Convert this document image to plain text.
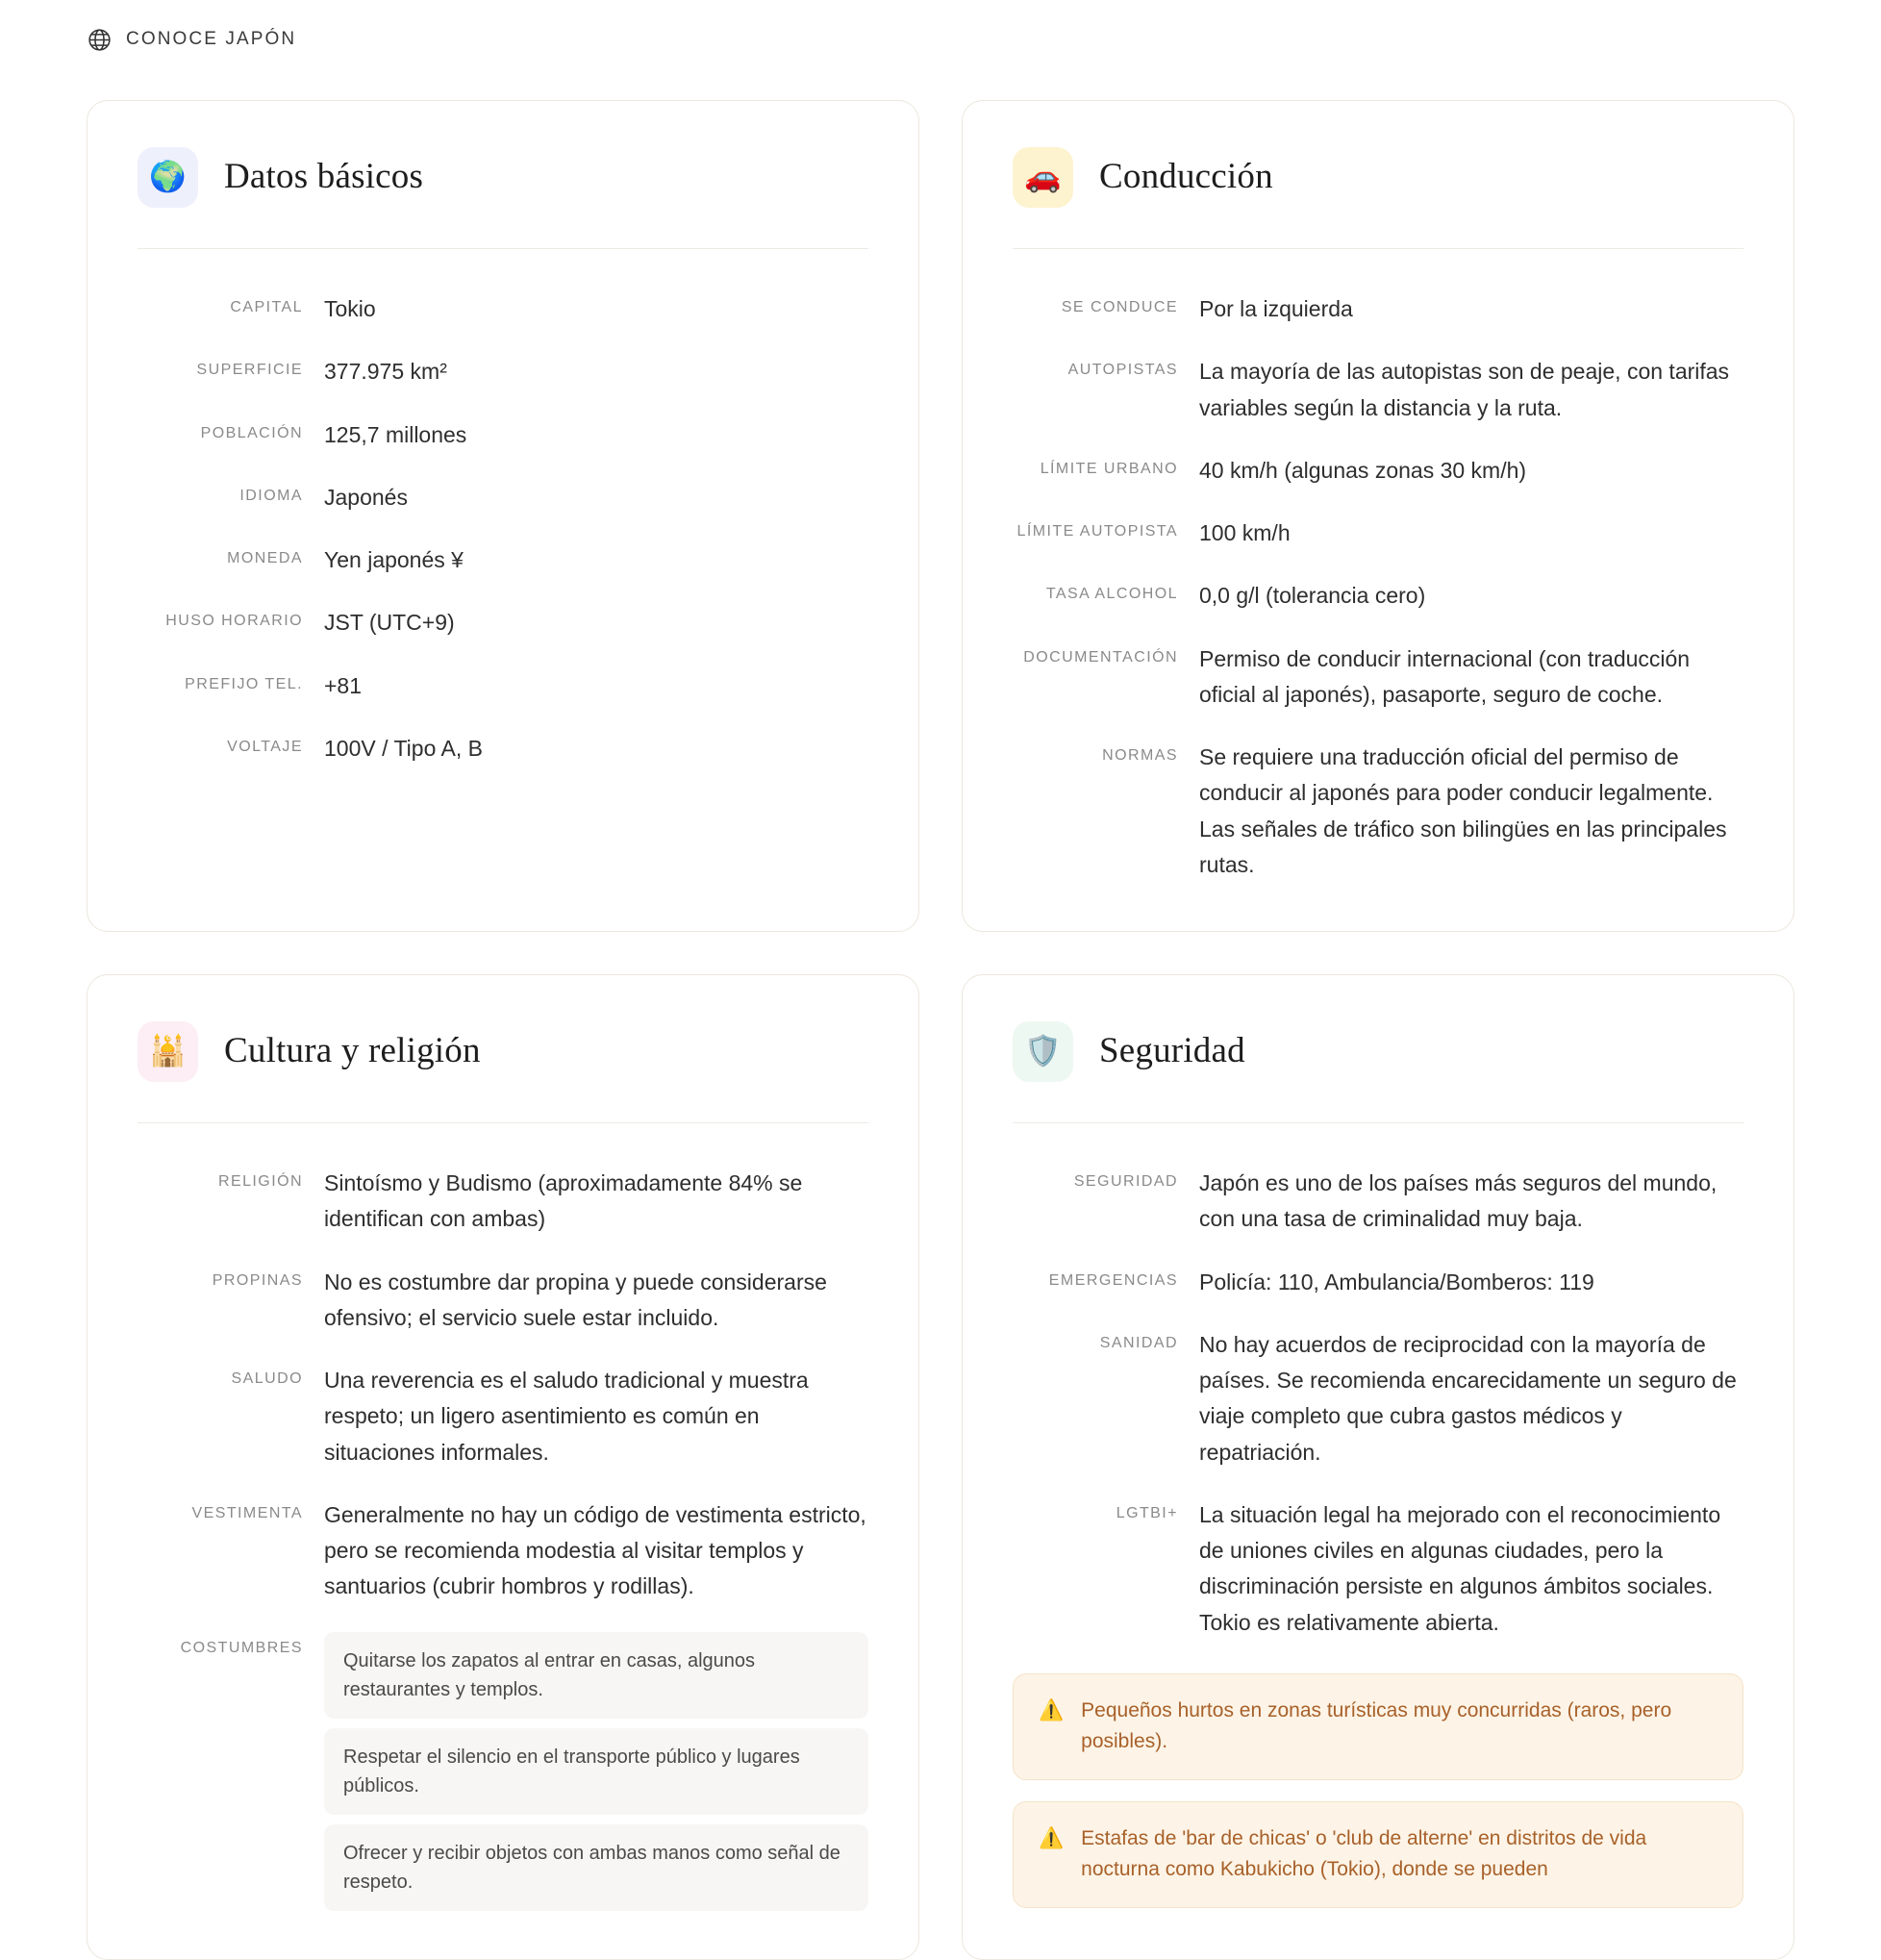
CONOCE JAPÓN
🌍	Datos básicos
CAPITAL Tokio
SUPERFICIE 377.975 km²
POBLACIÓN 125,7 millones
IDIOMA Japonés
MONEDA Yen japonés ¥
HUSO HORARIO JST (UTC+9)
PREFIJO TEL. +81
VOLTAJE 100V / Tipo A, B
🚗	Conducción
SE CONDUCE Por la izquierda
AUTOPISTAS La mayoría de las autopistas son de peaje, con tarifas variables según la distancia y la ruta.
LÍMITE URBANO 40 km/h (algunas zonas 30 km/h)
LÍMITE AUTOPISTA 100 km/h
TASA ALCOHOL 0,0 g/l (tolerancia cero)
DOCUMENTACIÓN Permiso de conducir internacional (con traducción oficial al japonés), pasaporte, seguro de coche.
NORMAS Se requiere una traducción oficial del permiso de conducir al japonés para poder conducir legalmente. Las señales de tráfico son bilingües en las principales rutas.
🕌	Cultura y religión
RELIGIÓN Sintoísmo y Budismo (aproximadamente 84% se identifican con ambas)
PROPINAS No es costumbre dar propina y puede considerarse ofensivo; el servicio suele estar incluido.
SALUDO Una reverencia es el saludo tradicional y muestra respeto; un ligero asentimiento es común en situaciones informales.
VESTIMENTA Generalmente no hay un código de vestimenta estricto, pero se recomienda modestia al visitar templos y santuarios (cubrir hombros y rodillas).
COSTUMBRES
Quitarse los zapatos al entrar en casas, algunos restaurantes y templos.
Respetar el silencio en el transporte público y lugares públicos.
Ofrecer y recibir objetos con ambas manos como señal de respeto.
🛡️	Seguridad
SEGURIDAD Japón es uno de los países más seguros del mundo, con una tasa de criminalidad muy baja.
EMERGENCIAS Policía: 110, Ambulancia/Bomberos: 119
SANIDAD No hay acuerdos de reciprocidad con la mayoría de países. Se recomienda encarecidamente un seguro de viaje completo que cubra gastos médicos y repatriación.
LGTBI+ La situación legal ha mejorado con el reconocimiento de uniones civiles en algunas ciudades, pero la discriminación persiste en algunos ámbitos sociales. Tokio es relativamente abierta.
⚠️ Pequeños hurtos en zonas turísticas muy concurridas (raros, pero posibles).
⚠️ Estafas de 'bar de chicas' o 'club de alterne' en distritos de vida nocturna como Kabukicho (Tokio), donde se pueden
